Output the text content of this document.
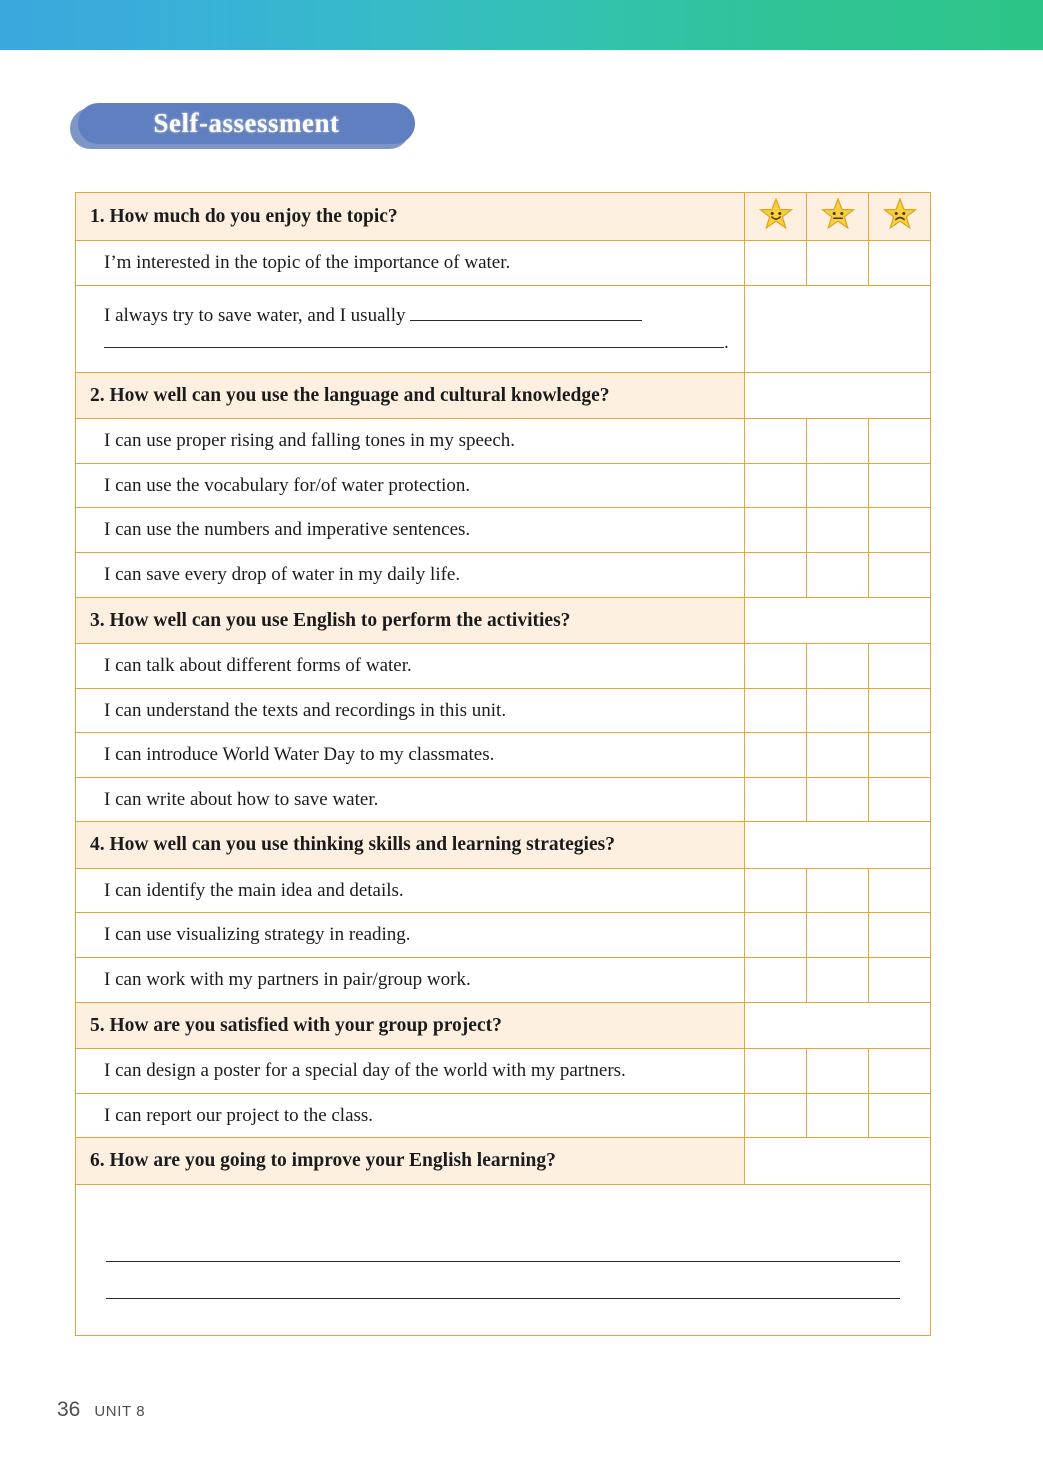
Self-assessment
1. How much do you enjoy the topic?	

I’m interested in the topic of the importance of water.			
I always try to save water, and I usually
.			
2. How well can you use the language and cultural knowledge?			
I can use proper rising and falling tones in my speech.			
I can use the vocabulary for/of water protection.			
I can use the numbers and imperative sentences.			
I can save every drop of water in my daily life.			
3. How well can you use English to perform the activities?			
I can talk about different forms of water.			
I can understand the texts and recordings in this unit.			
I can introduce World Water Day to my classmates.			
I can write about how to save water.			
4. How well can you use thinking skills and learning strategies?			
I can identify the main idea and details.			
I can use visualizing strategy in reading.			
I can work with my partners in pair/group work.			
5. How are you satisfied with your group project?			
I can design a poster for a special day of the world with my partners.			
I can report our project to the class.			
6. How are you going to improve your English learning?			

36 UNIT 8
